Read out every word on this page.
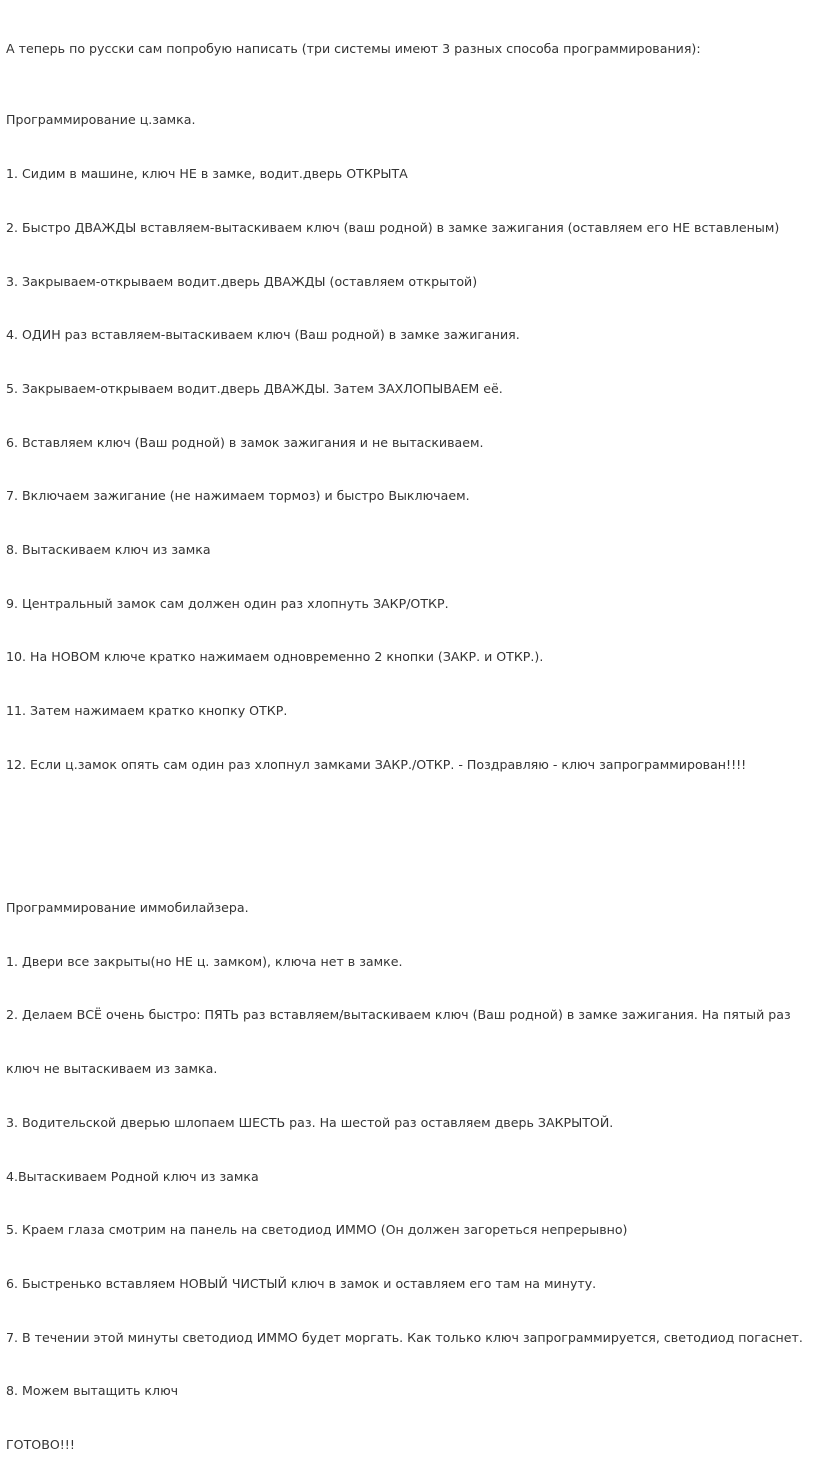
А теперь по русски сам попробую написать (три системы имеют 3 разных способа программирования):

Программирование ц.замка.

1. Сидим в машине, ключ НЕ в замке, водит.дверь ОТКРЫТА

2. Быстро ДВАЖДЫ вставляем-вытаскиваем ключ (ваш родной) в замке зажигания (оставляем его НЕ вставленым)

3. Закрываем-открываем водит.дверь ДВАЖДЫ (оставляем открытой)

4. ОДИН раз вставляем-вытаскиваем ключ (Ваш родной) в замке зажигания.

5. Закрываем-открываем водит.дверь ДВАЖДЫ. Затем ЗАХЛОПЫВАЕМ её.

6. Вставляем ключ (Ваш родной) в замок зажигания и не вытаскиваем.

7. Включаем зажигание (не нажимаем тормоз) и быстро Выключаем.

8. Вытаскиваем ключ из замка

9. Центральный замок сам должен один раз хлопнуть ЗАКР/ОТКР.

10. На НОВОМ ключе кратко нажимаем одновременно 2 кнопки (ЗАКР. и ОТКР.).

11. Затем нажимаем кратко кнопку ОТКР.

12. Если ц.замок опять сам один раз хлопнул замками ЗАКР./ОТКР. - Поздравляю - ключ запрограммирован!!!!

Программирование иммобилайзера.

1. Двери все закрыты(но НЕ ц. замком), ключа нет в замке.

2. Делаем ВСЁ очень быстро: ПЯТЬ раз вставляем/вытаскиваем ключ (Ваш родной) в замке зажигания. На пятый раз

ключ не вытаскиваем из замка.

3. Водительской дверью шлопаем ШЕСТЬ раз. На шестой раз оставляем дверь ЗАКРЫТОЙ.

4.Вытаскиваем Родной ключ из замка

5. Краем глаза смотрим на панель на светодиод ИММО (Он должен загореться непрерывно)

6. Быстренько вставляем НОВЫЙ ЧИСТЫЙ ключ в замок и оставляем его там на минуту.

7. В течении этой минуты светодиод ИММО будет моргать. Как только ключ запрограммируется, светодиод погаснет.

8. Можем вытащить ключ

ГОТОВО!!!
